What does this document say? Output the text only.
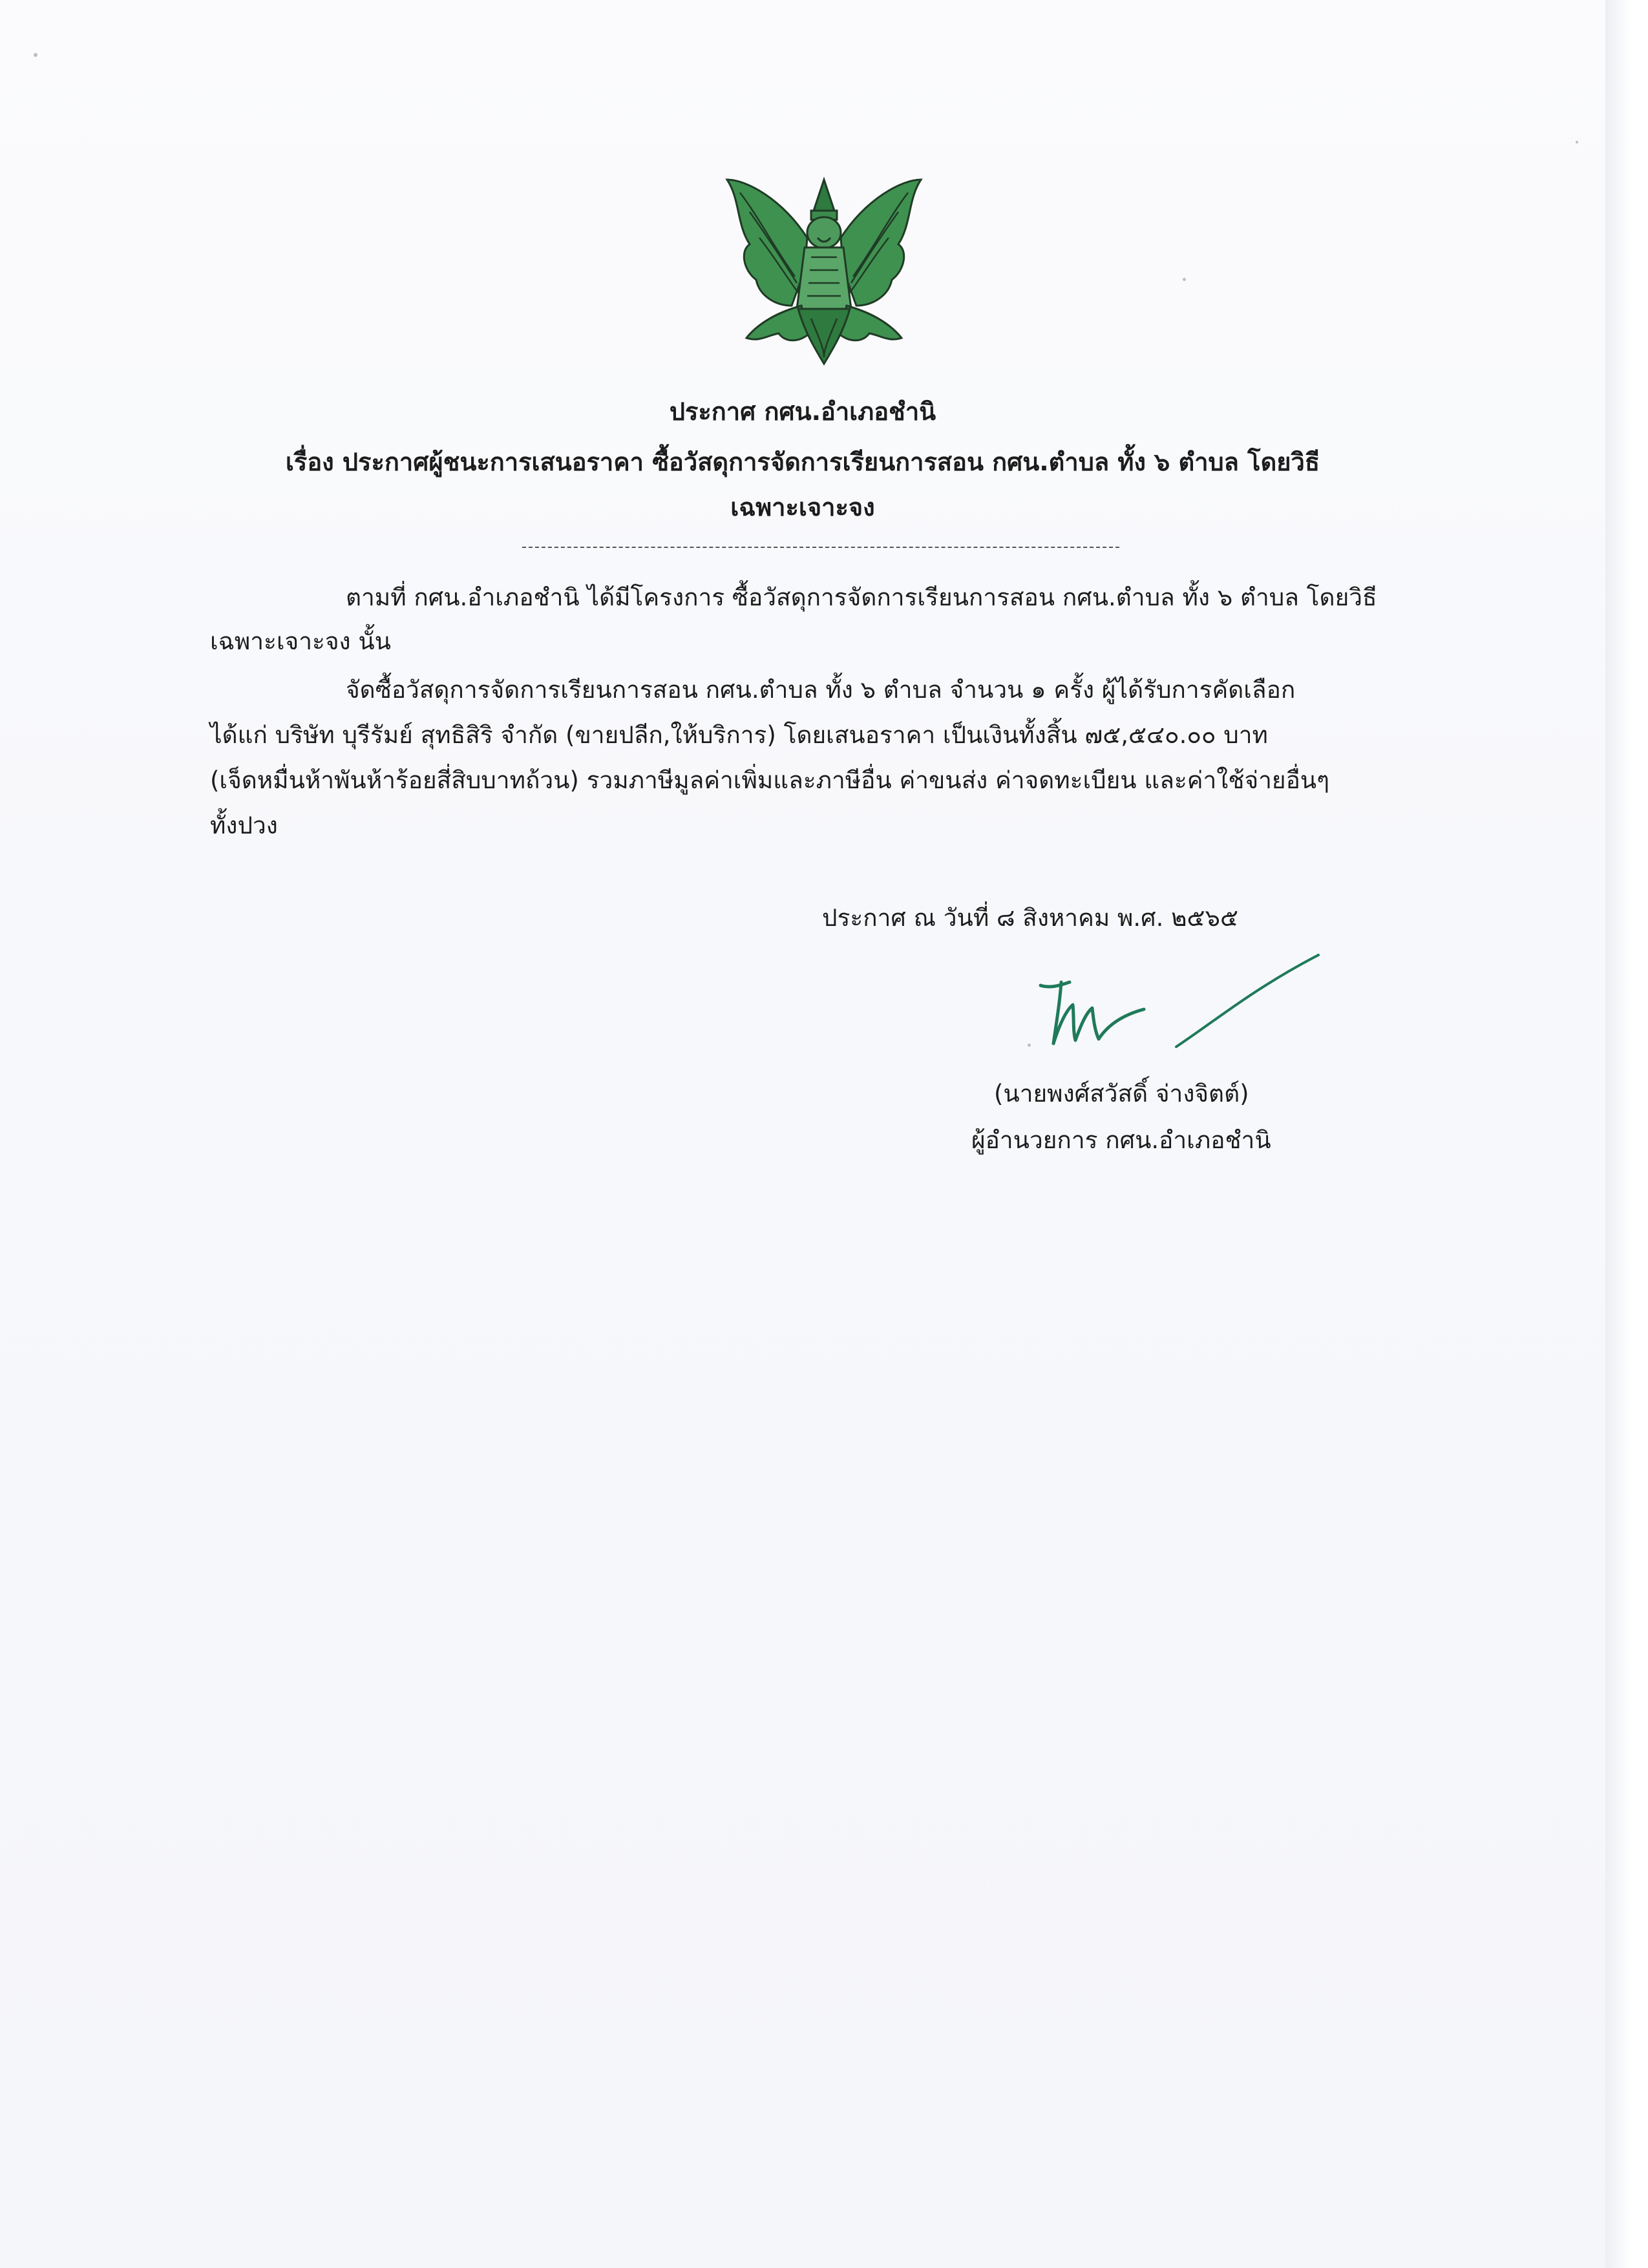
ประกาศ กศน.อำเภอชำนิ
เรื่อง ประกาศผู้ชนะการเสนอราคา ซื้อวัสดุการจัดการเรียนการสอน กศน.ตำบล ทั้ง ๖ ตำบล โดยวิธี
เฉพาะเจาะจง
ตามที่ กศน.อำเภอชำนิ ได้มีโครงการ ซื้อวัสดุการจัดการเรียนการสอน กศน.ตำบล ทั้ง ๖ ตำบล โดยวิธี
เฉพาะเจาะจง นั้น
จัดซื้อวัสดุการจัดการเรียนการสอน กศน.ตำบล ทั้ง ๖ ตำบล จำนวน ๑ ครั้ง ผู้ได้รับการคัดเลือก
ได้แก่ บริษัท บุรีรัมย์ สุทธิสิริ จำกัด (ขายปลีก,ให้บริการ) โดยเสนอราคา เป็นเงินทั้งสิ้น ๗๕,๕๔๐.๐๐ บาท
(เจ็ดหมื่นห้าพันห้าร้อยสี่สิบบาทถ้วน) รวมภาษีมูลค่าเพิ่มและภาษีอื่น ค่าขนส่ง ค่าจดทะเบียน และค่าใช้จ่ายอื่นๆ
ทั้งปวง
ประกาศ ณ วันที่ ๘ สิงหาคม พ.ศ. ๒๕๖๕
(นายพงศ์สวัสดิ์ จ่างจิตต์)
ผู้อำนวยการ กศน.อำเภอชำนิ
